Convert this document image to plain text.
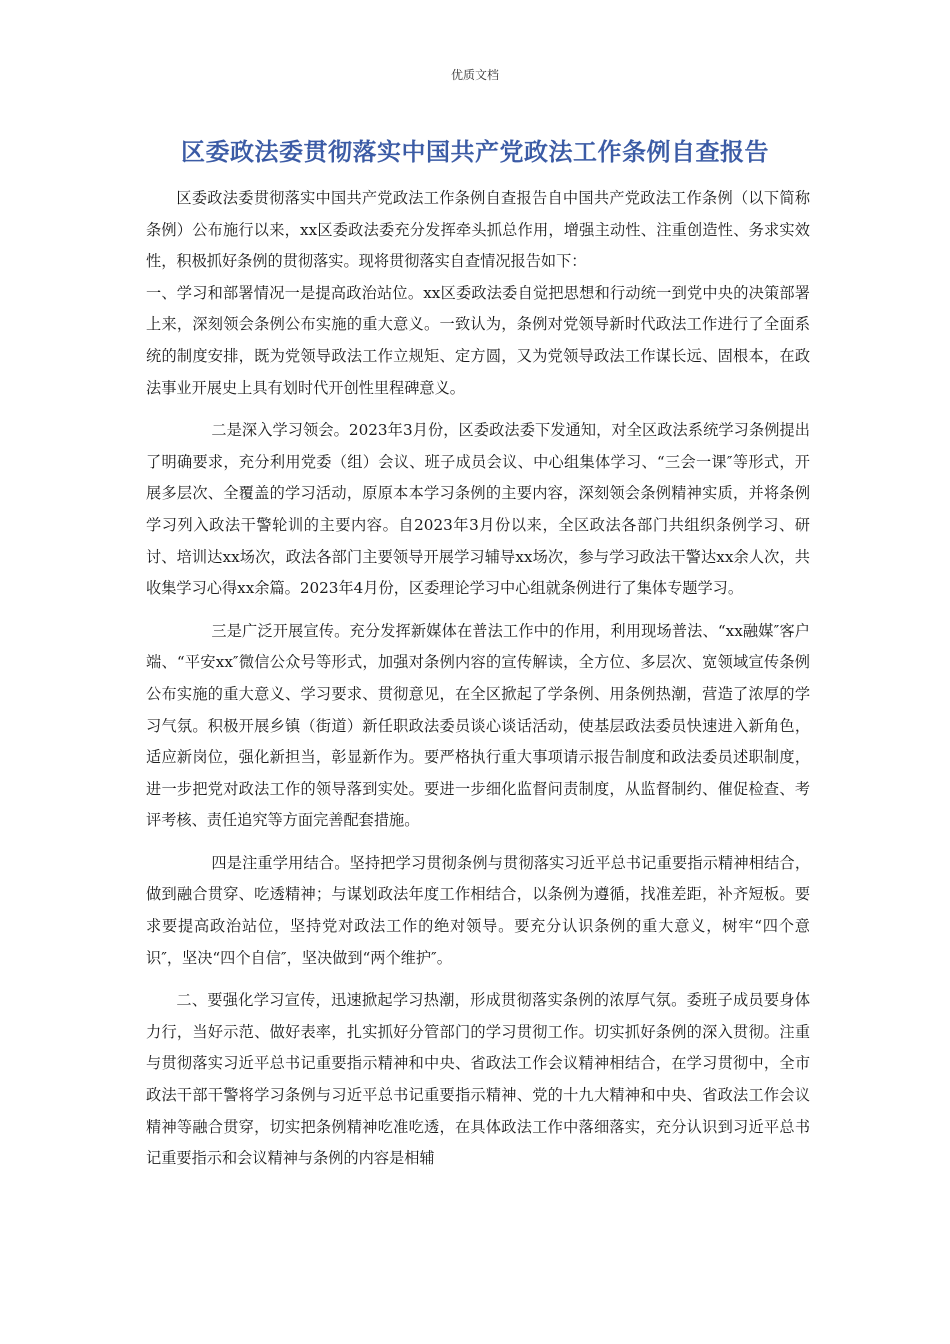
优质文档
区委政法委贯彻落实中国共产党政法工作条例自查报告

区委政法委贯彻落实中国共产党政法工作条例自查报告自中国共产党政法工作条例（以下简称条例）公布施行以来，xx区委政法委充分发挥牵头抓总作用，增强主动性、注重创造性、务求实效性，积极抓好条例的贯彻落实。现将贯彻落实自查情况报告如下：

一、学习和部署情况一是提高政治站位。xx区委政法委自觉把思想和行动统一到党中央的决策部署上来，深刻领会条例公布实施的重大意义。一致认为，条例对党领导新时代政法工作进行了全面系统的制度安排，既为党领导政法工作立规矩、定方圆，又为党领导政法工作谋长远、固根本，在政法事业开展史上具有划时代开创性里程碑意义。

二是深入学习领会。2023年3月份，区委政法委下发通知，对全区政法系统学习条例提出了明确要求，充分利用党委（组）会议、班子成员会议、中心组集体学习、“三会一课″等形式，开展多层次、全覆盖的学习活动，原原本本学习条例的主要内容，深刻领会条例精神实质，并将条例学习列入政法干警轮训的主要内容。自2023年3月份以来，全区政法各部门共组织条例学习、研讨、培训达xx场次，政法各部门主要领导开展学习辅导xx场次，参与学习政法干警达xx余人次，共收集学习心得xx余篇。2023年4月份，区委理论学习中心组就条例进行了集体专题学习。

三是广泛开展宣传。充分发挥新媒体在普法工作中的作用，利用现场普法、“xx融媒″客户端、“平安xx″微信公众号等形式，加强对条例内容的宣传解读，全方位、多层次、宽领域宣传条例公布实施的重大意义、学习要求、贯彻意见，在全区掀起了学条例、用条例热潮，营造了浓厚的学习气氛。积极开展乡镇（街道）新任职政法委员谈心谈话活动，使基层政法委员快速进入新角色，适应新岗位，强化新担当，彰显新作为。要严格执行重大事项请示报告制度和政法委员述职制度，进一步把党对政法工作的领导落到实处。要进一步细化监督问责制度，从监督制约、催促检查、考评考核、责任追究等方面完善配套措施。

四是注重学用结合。坚持把学习贯彻条例与贯彻落实习近平总书记重要指示精神相结合，做到融合贯穿、吃透精神；与谋划政法年度工作相结合，以条例为遵循，找准差距，补齐短板。要求要提高政治站位，坚持党对政法工作的绝对领导。要充分认识条例的重大意义，树牢“四个意识″，坚决“四个自信″，坚决做到“两个维护″。

二、要强化学习宣传，迅速掀起学习热潮，形成贯彻落实条例的浓厚气氛。委班子成员要身体力行，当好示范、做好表率，扎实抓好分管部门的学习贯彻工作。切实抓好条例的深入贯彻。注重与贯彻落实习近平总书记重要指示精神和中央、省政法工作会议精神相结合，在学习贯彻中，全市政法干部干警将学习条例与习近平总书记重要指示精神、党的十九大精神和中央、省政法工作会议精神等融合贯穿，切实把条例精神吃准吃透，在具体政法工作中落细落实，充分认识到习近平总书记重要指示和会议精神与条例的内容是相辅
